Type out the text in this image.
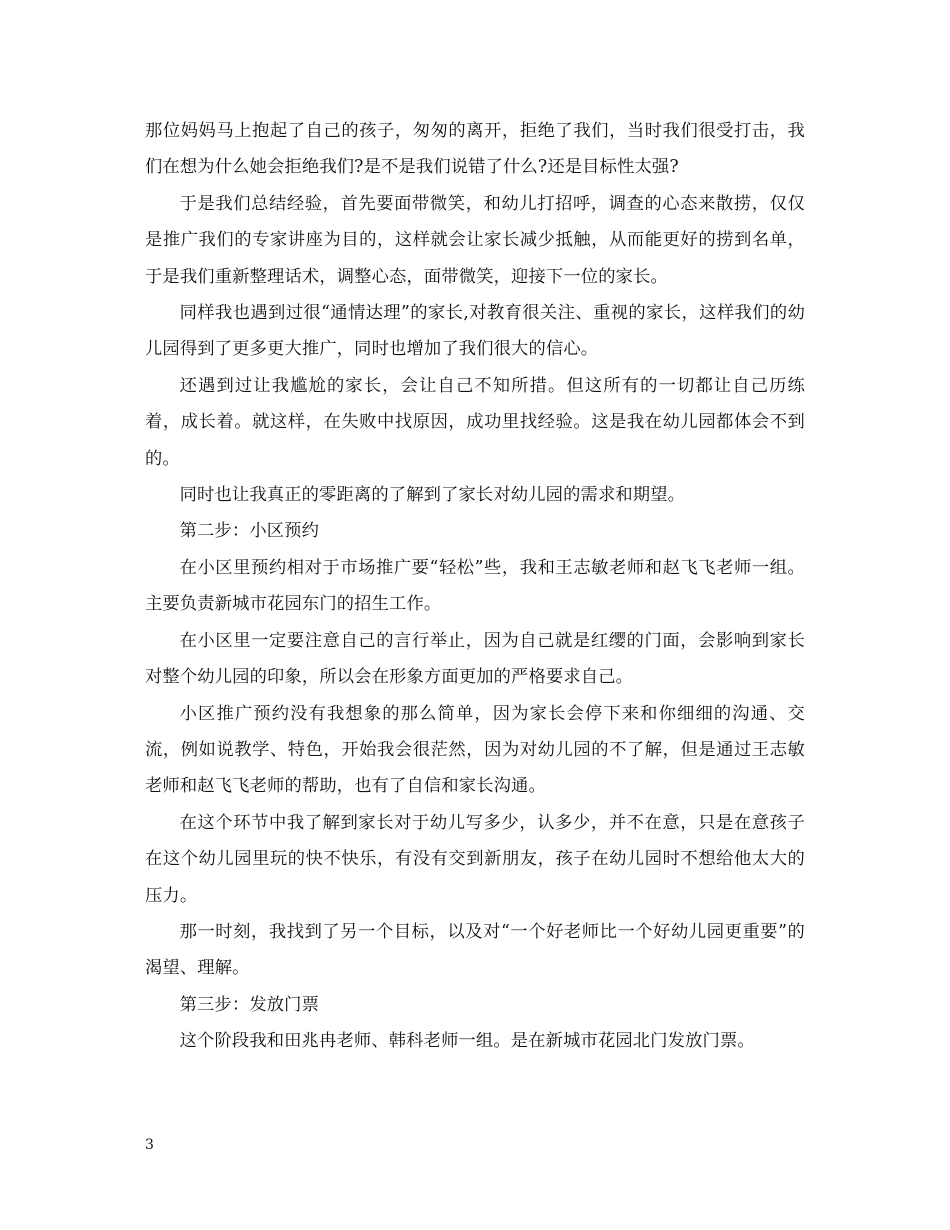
那位妈妈马上抱起了自己的孩子，匆匆的离开，拒绝了我们，当时我们很受打击，我们在想为什么她会拒绝我们?是不是我们说错了什么?还是目标性太强?

于是我们总结经验，首先要面带微笑，和幼儿打招呼，调查的心态来散捞，仅仅是推广我们的专家讲座为目的，这样就会让家长减少抵触，从而能更好的捞到名单，于是我们重新整理话术，调整心态，面带微笑，迎接下一位的家长。

同样我也遇到过很“通情达理”的家长,对教育很关注、重视的家长，这样我们的幼儿园得到了更多更大推广，同时也增加了我们很大的信心。

还遇到过让我尴尬的家长，会让自己不知所措。但这所有的一切都让自己历练着，成长着。就这样，在失败中找原因，成功里找经验。这是我在幼儿园都体会不到的。

同时也让我真正的零距离的了解到了家长对幼儿园的需求和期望。

第二步：小区预约

在小区里预约相对于市场推广要“轻松”些，我和王志敏老师和赵飞飞老师一组。主要负责新城市花园东门的招生工作。

在小区里一定要注意自己的言行举止，因为自己就是红缨的门面，会影响到家长对整个幼儿园的印象，所以会在形象方面更加的严格要求自己。

小区推广预约没有我想象的那么简单，因为家长会停下来和你细细的沟通、交流，例如说教学、特色，开始我会很茫然，因为对幼儿园的不了解，但是通过王志敏老师和赵飞飞老师的帮助，也有了自信和家长沟通。

在这个环节中我了解到家长对于幼儿写多少，认多少，并不在意，只是在意孩子在这个幼儿园里玩的快不快乐，有没有交到新朋友，孩子在幼儿园时不想给他太大的压力。

那一时刻，我找到了另一个目标，以及对“一个好老师比一个好幼儿园更重要”的渴望、理解。

第三步：发放门票

这个阶段我和田兆冉老师、韩科老师一组。是在新城市花园北门发放门票。

3
